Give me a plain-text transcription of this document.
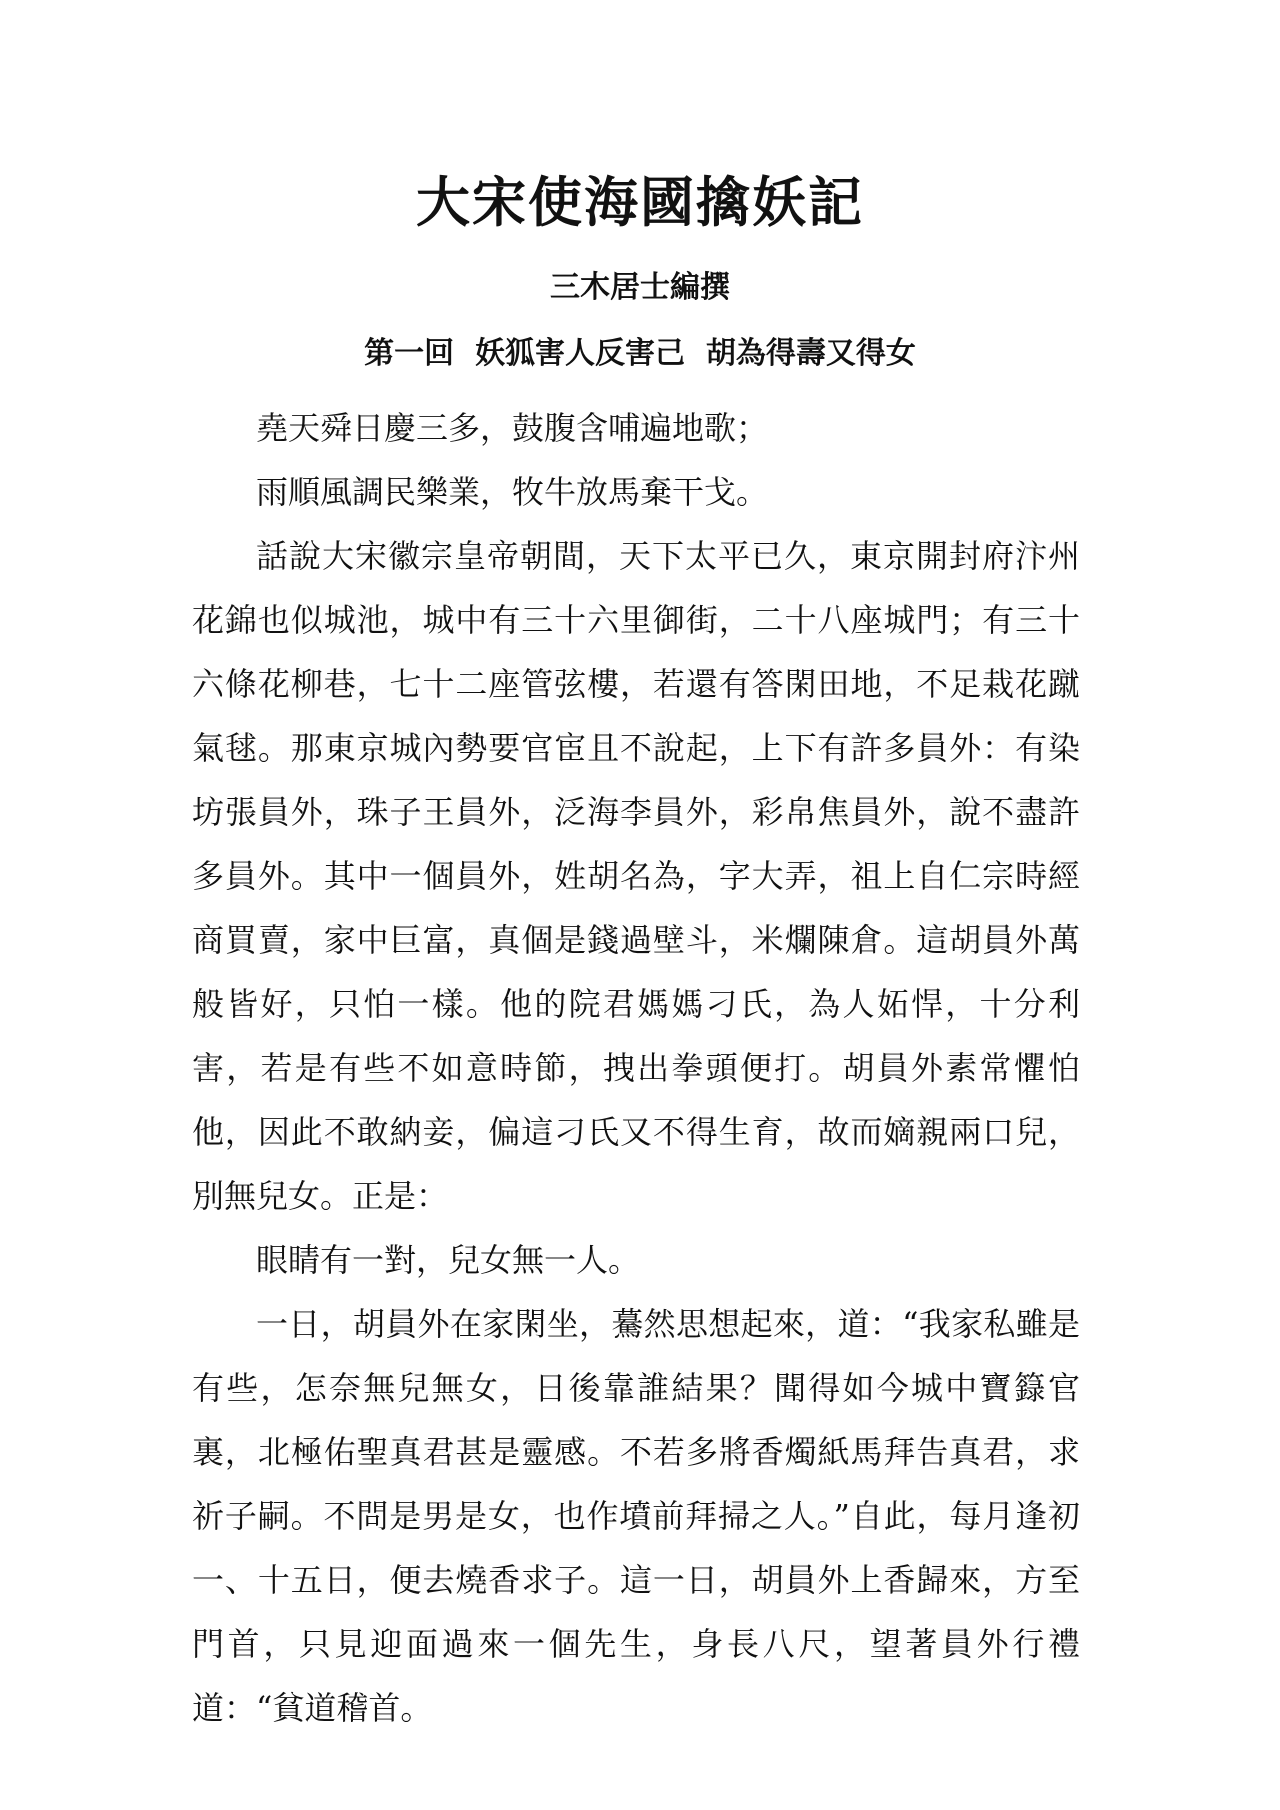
大宋使海國擒妖記
三木居士編撰
第一回  妖狐害人反害己  胡為得壽又得女

堯天舜日慶三多，鼓腹含哺遍地歌；

雨順風調民樂業，牧牛放馬棄干戈。

話說大宋徽宗皇帝朝間，天下太平已久，東京開封府汴州花錦也似城池，城中有三十六里御街，二十八座城門；有三十六條花柳巷，七十二座管弦樓，若還有答閑田地，不足栽花蹴氣毬。那東京城內勢要官宦且不說起，上下有許多員外：有染坊張員外，珠子王員外，泛海李員外，彩帛焦員外，說不盡許多員外。其中一個員外，姓胡名為，字大弄，祖上自仁宗時經商買賣，家中巨富，真個是錢過壁斗，米爛陳倉。這胡員外萬般皆好，只怕一樣。他的院君媽媽刁氏，為人妬悍，十分利害，若是有些不如意時節，拽出拳頭便打。胡員外素常懼怕他，因此不敢納妾，偏這刁氏又不得生育，故而嫡親兩口兒，別無兒女。正是：

眼睛有一對，兒女無一人。

一日，胡員外在家閑坐，驀然思想起來，道：“我家私雖是有些，怎奈無兒無女，日後靠誰結果？聞得如今城中寶籙官裏，北極佑聖真君甚是靈感。不若多將香燭紙馬拜告真君，求祈子嗣。不問是男是女，也作墳前拜掃之人。”自此，每月逢初一、十五日，便去燒香求子。這一日，胡員外上香歸來，方至門首，只見迎面過來一個先生，身長八尺，望著員外行禮道：“貧道稽首。
